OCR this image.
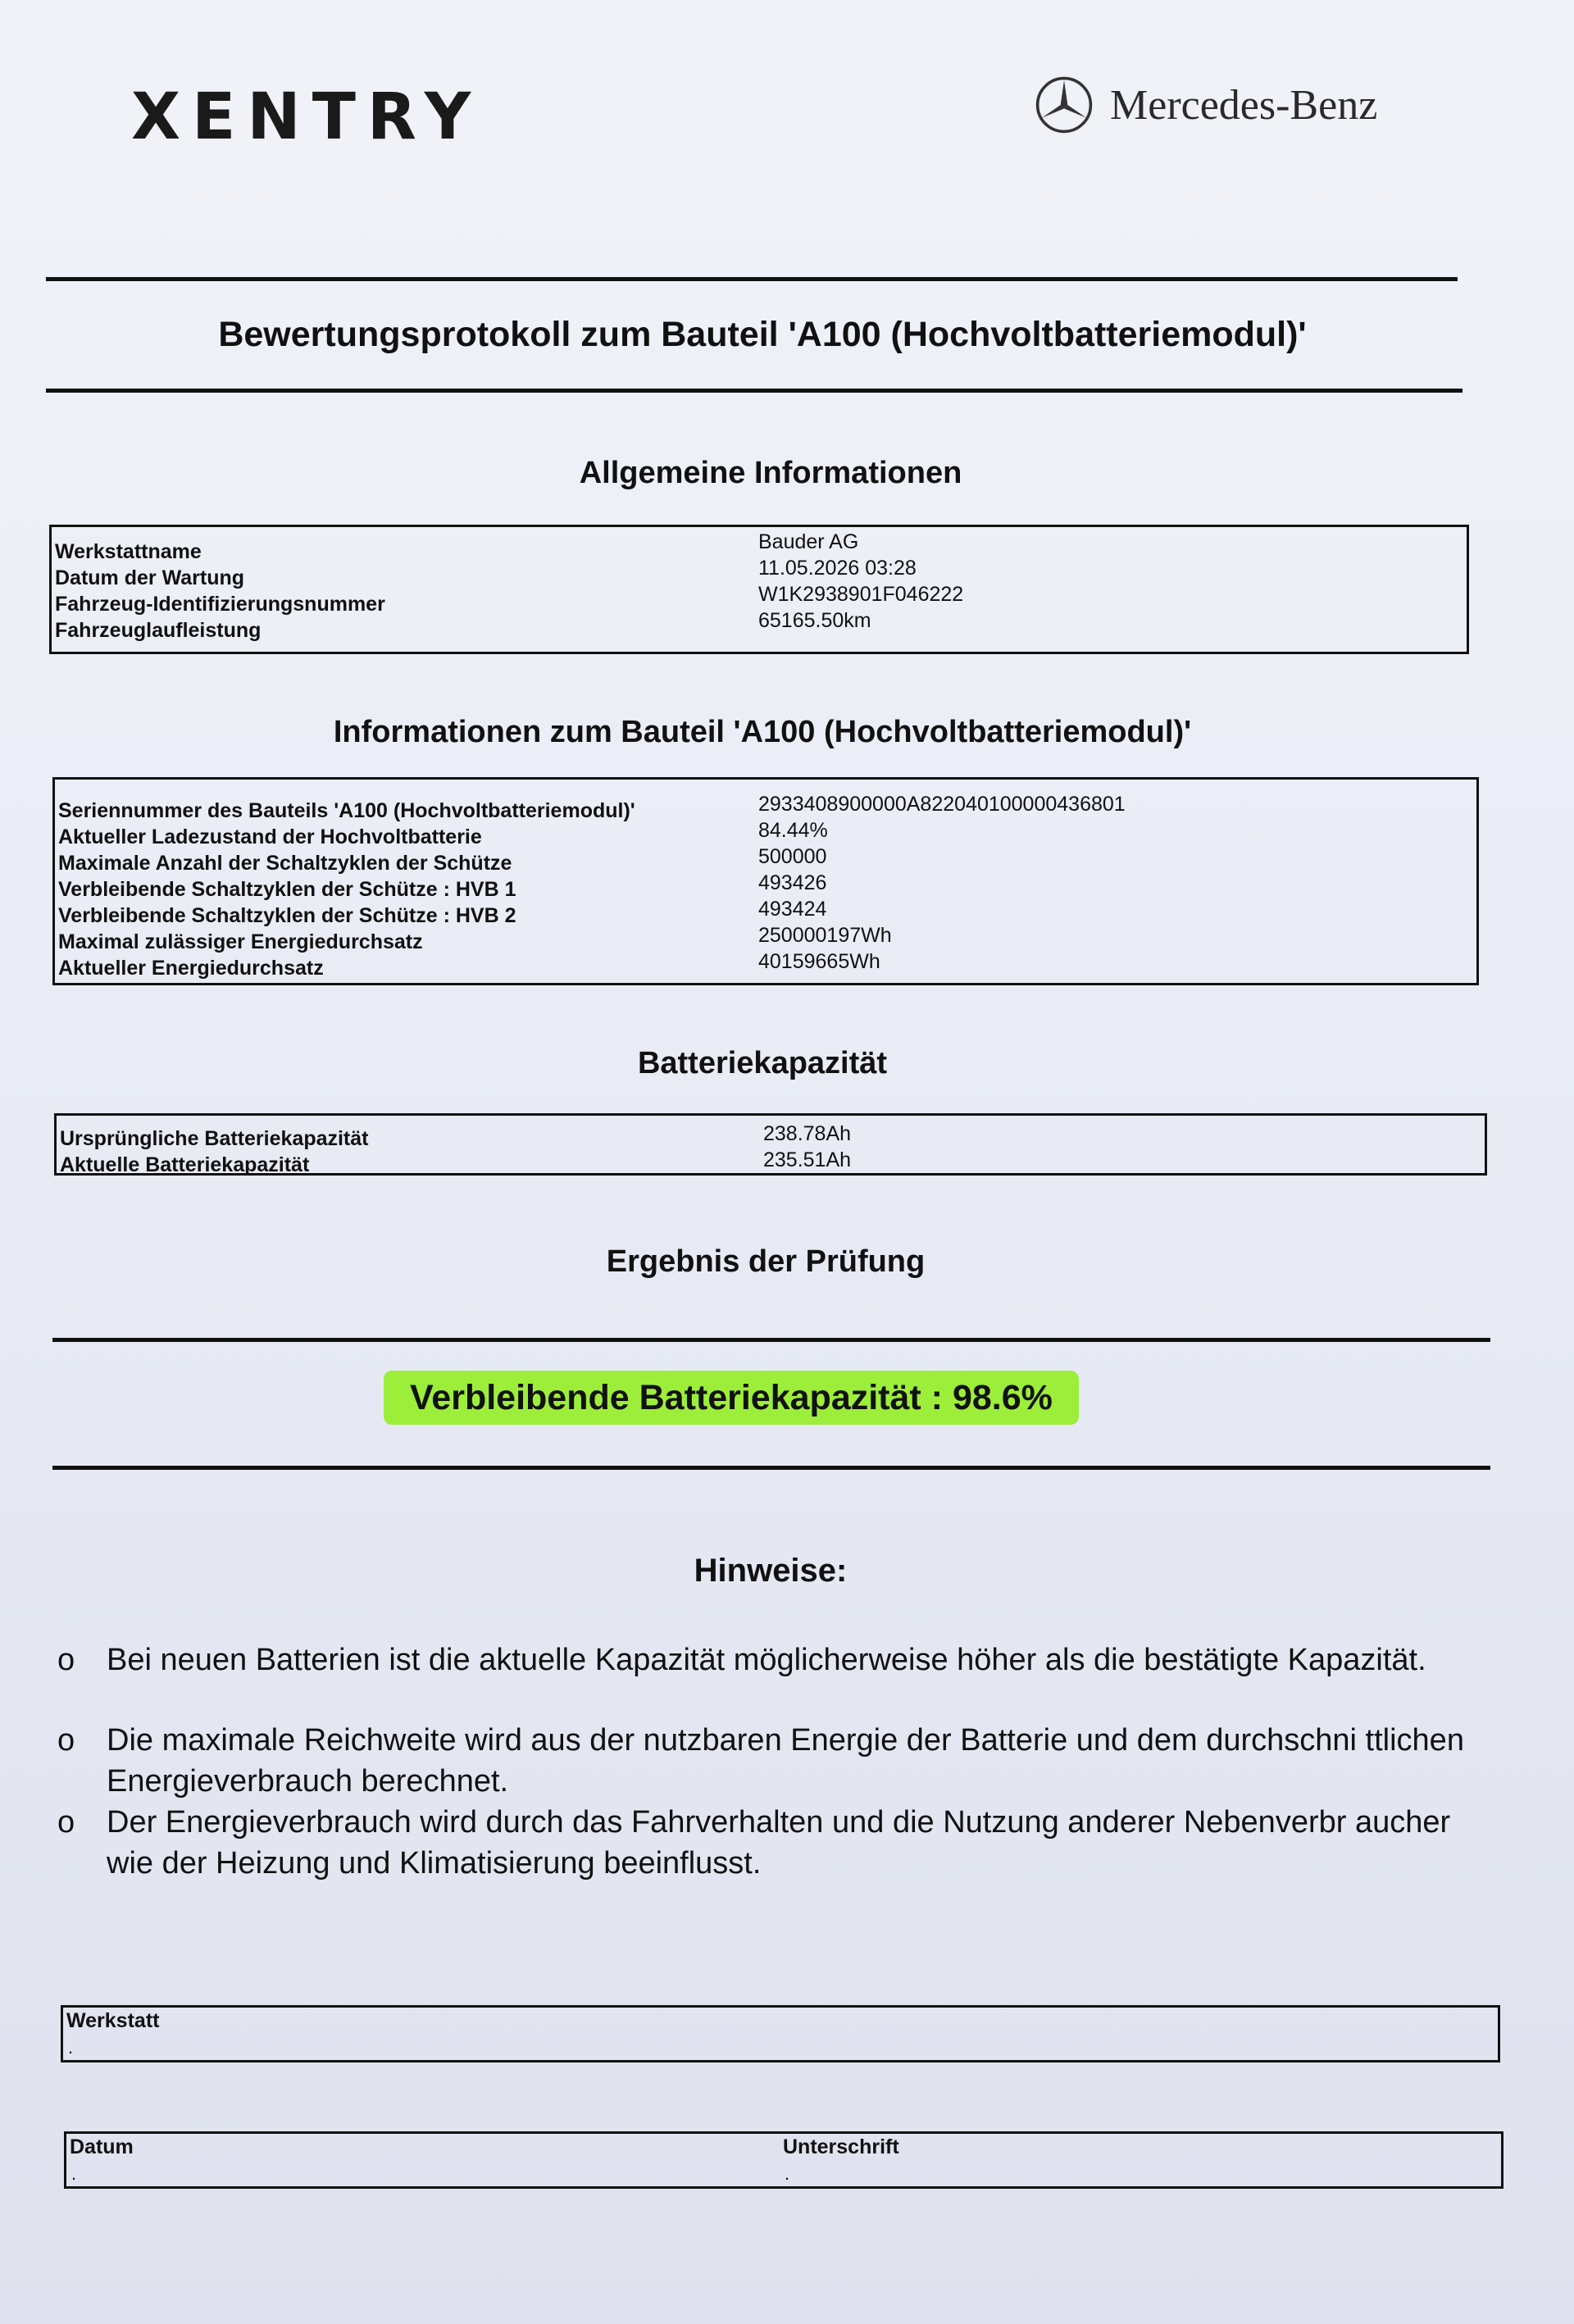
XENTRY	Mercedes-Benz
Bewertungsprotokoll zum Bauteil 'A100 (Hochvoltbatteriemodul)'
Allgemeine Informationen
Werkstattname	Bauder AG
Datum der Wartung	11.05.2026 03:28
Fahrzeug-Identifizierungsnummer	W1K2938901F046222
Fahrzeuglaufleistung	65165.50km
Informationen zum Bauteil 'A100 (Hochvoltbatteriemodul)'
Seriennummer des Bauteils 'A100 (Hochvoltbatteriemodul)'	2933408900000A822040100000436801
Aktueller Ladezustand der Hochvoltbatterie	84.44%
Maximale Anzahl der Schaltzyklen der Schütze	500000
Verbleibende Schaltzyklen der Schütze : HVB 1	493426
Verbleibende Schaltzyklen der Schütze : HVB 2	493424
Maximal zulässiger Energiedurchsatz	250000197Wh
Aktueller Energiedurchsatz	40159665Wh
Batteriekapazität
Ursprüngliche Batteriekapazität	238.78Ah
Aktuelle Batteriekapazität	235.51Ah
Ergebnis der Prüfung
Verbleibende Batteriekapazität : 98.6%
Hinweise:
o	Bei neuen Batterien ist die aktuelle Kapazität möglicherweise höher als die bestätigte Kapazität.
o	Die maximale Reichweite wird aus der nutzbaren Energie der Batterie und dem durchschni ttlichen Energieverbrauch berechnet.
o	Der Energieverbrauch wird durch das Fahrverhalten und die Nutzung anderer Nebenverbr aucher wie der Heizung und Klimatisierung beeinflusst.
Werkstatt
.
Datum
.
Unterschrift
.
